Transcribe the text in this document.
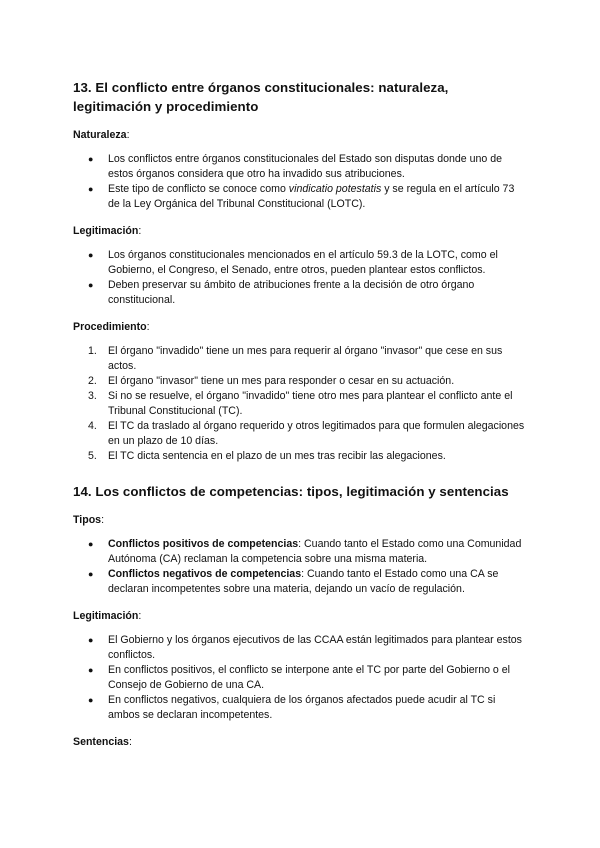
13. El conflicto entre órganos constitucionales: naturaleza, legitimación y procedimiento

Naturaleza:

● Los conflictos entre órganos constitucionales del Estado son disputas donde uno de estos órganos considera que otro ha invadido sus atribuciones.
● Este tipo de conflicto se conoce como vindicatio potestatis y se regula en el artículo 73 de la Ley Orgánica del Tribunal Constitucional (LOTC).

Legitimación:

● Los órganos constitucionales mencionados en el artículo 59.3 de la LOTC, como el Gobierno, el Congreso, el Senado, entre otros, pueden plantear estos conflictos.
● Deben preservar su ámbito de atribuciones frente a la decisión de otro órgano constitucional.

Procedimiento:

1.	El órgano "invadido" tiene un mes para requerir al órgano "invasor" que cese en sus actos.
2.	El órgano "invasor" tiene un mes para responder o cesar en su actuación.
3.	Si no se resuelve, el órgano "invadido" tiene otro mes para plantear el conflicto ante el Tribunal Constitucional (TC).
4.	El TC da traslado al órgano requerido y otros legitimados para que formulen alegaciones en un plazo de 10 días.
5.	El TC dicta sentencia en el plazo de un mes tras recibir las alegaciones.
14. Los conflictos de competencias: tipos, legitimación y sentencias

Tipos:

● Conflictos positivos de competencias: Cuando tanto el Estado como una Comunidad Autónoma (CA) reclaman la competencia sobre una misma materia.
● Conflictos negativos de competencias: Cuando tanto el Estado como una CA se declaran incompetentes sobre una materia, dejando un vacío de regulación.

Legitimación:

● El Gobierno y los órganos ejecutivos de las CCAA están legitimados para plantear estos conflictos.
● En conflictos positivos, el conflicto se interpone ante el TC por parte del Gobierno o el Consejo de Gobierno de una CA.
● En conflictos negativos, cualquiera de los órganos afectados puede acudir al TC si ambos se declaran incompetentes.

Sentencias:
